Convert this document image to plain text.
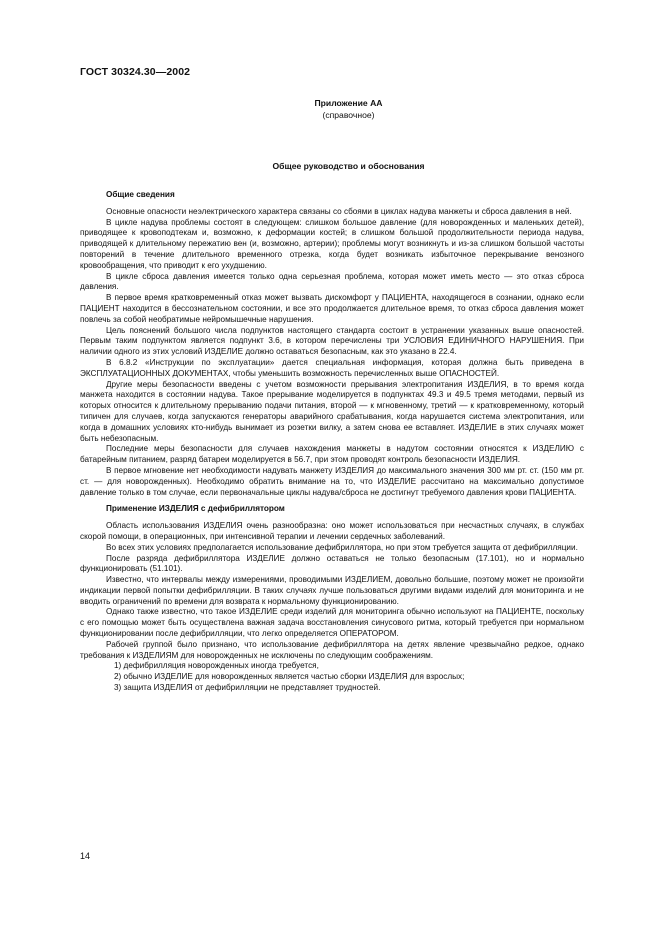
ГОСТ 30324.30—2002
Приложение АА
(справочное)
Общее руководство и обоснования
Общие сведения

Основные опасности неэлектрического характера связаны со сбоями в циклах надува манжеты и сброса давления в ней.

В цикле надува проблемы состоят в следующем: слишком большое давление (для новорожденных и маленьких детей), приводящее к кровоподтекам и, возможно, к деформации костей; в слишком большой продолжительности периода надува, приводящей к длительному пережатию вен (и, возможно, артерии); проблемы могут возникнуть и из-за слишком большой частоты повторений в течение длительного временного отрезка, когда будет возникать избыточное перекрывание венозного кровообращения, что приводит к его ухудшению.

В цикле сброса давления имеется только одна серьезная проблема, которая может иметь место — это отказ сброса давления.

В первое время кратковременный отказ может вызвать дискомфорт у ПАЦИЕНТА, находящегося в сознании, однако если ПАЦИЕНТ находится в бессознательном состоянии, и все это продолжается длительное время, то отказ сброса давления может повлечь за собой необратимые нейромышечные нарушения.

Цель пояснений большого числа подпунктов настоящего стандарта состоит в устранении указанных выше опасностей. Первым таким подпунктом является подпункт 3.6, в котором перечислены три УСЛОВИЯ ЕДИНИЧНОГО НАРУШЕНИЯ. При наличии одного из этих условий ИЗДЕЛИЕ должно оставаться безопасным, как это указано в 22.4.

В 6.8.2 «Инструкции по эксплуатации» дается специальная информация, которая должна быть приведена в ЭКСПЛУАТАЦИОННЫХ ДОКУМЕНТАХ, чтобы уменьшить возможность перечисленных выше ОПАСНОСТЕЙ.

Другие меры безопасности введены с учетом возможности прерывания электропитания ИЗДЕЛИЯ, в то время когда манжета находится в состоянии надува. Такое прерывание моделируется в подпунктах 49.3 и 49.5 тремя методами, первый из которых относится к длительному прерыванию подачи питания, второй — к мгновенному, третий — к кратковременному, который типичен для случаев, когда запускаются генераторы аварийного срабатывания, когда нарушается система электропитания, или когда в домашних условиях кто-нибудь вынимает из розетки вилку, а затем снова ее вставляет. ИЗДЕЛИЕ в этих случаях может быть небезопасным.

Последние меры безопасности для случаев нахождения манжеты в надутом состоянии относятся к ИЗДЕЛИЮ с батарейным питанием, разряд батареи моделируется в 56.7, при этом проводят контроль безопасности ИЗДЕЛИЯ.

В первое мгновение нет необходимости надувать манжету ИЗДЕЛИЯ до максимального значения 300 мм рт. ст. (150 мм рт. ст. — для новорожденных). Необходимо обратить внимание на то, что ИЗДЕЛИЕ рассчитано на максимально допустимое давление только в том случае, если первоначальные циклы надува/сброса не достигнут требуемого давления крови ПАЦИЕНТА.

Применение ИЗДЕЛИЯ с дефибриллятором

Область использования ИЗДЕЛИЯ очень разнообразна: оно может использоваться при несчастных случаях, в службах скорой помощи, в операционных, при интенсивной терапии и лечении сердечных заболеваний.

Во всех этих условиях предполагается использование дефибриллятора, но при этом требуется защита от дефибрилляции.

После разряда дефибриллятора ИЗДЕЛИЕ должно оставаться не только безопасным (17.101), но и нормально функционировать (51.101).

Известно, что интервалы между измерениями, проводимыми ИЗДЕЛИЕМ, довольно большие, поэтому может не произойти индикации первой попытки дефибрилляции. В таких случаях лучше пользоваться другими видами изделий для мониторинга и не вводить ограничений по времени для возврата к нормальному функционированию.

Однако также известно, что такое ИЗДЕЛИЕ среди изделий для мониторинга обычно используют на ПАЦИЕНТЕ, поскольку с его помощью может быть осуществлена важная задача восстановления синусового ритма, который требуется при нормальном функционировании после дефибрилляции, что легко определяется ОПЕРАТОРОМ.

Рабочей группой было признано, что использование дефибриллятора на детях явление чрезвычайно редкое, однако требования к ИЗДЕЛИЯМ для новорожденных не исключены по следующим соображениям.

1) дефибрилляция новорожденных иногда требуется,

2) обычно ИЗДЕЛИЕ для новорожденных является частью сборки ИЗДЕЛИЯ для взрослых;

3) защита ИЗДЕЛИЯ от дефибрилляции не представляет трудностей.

14
